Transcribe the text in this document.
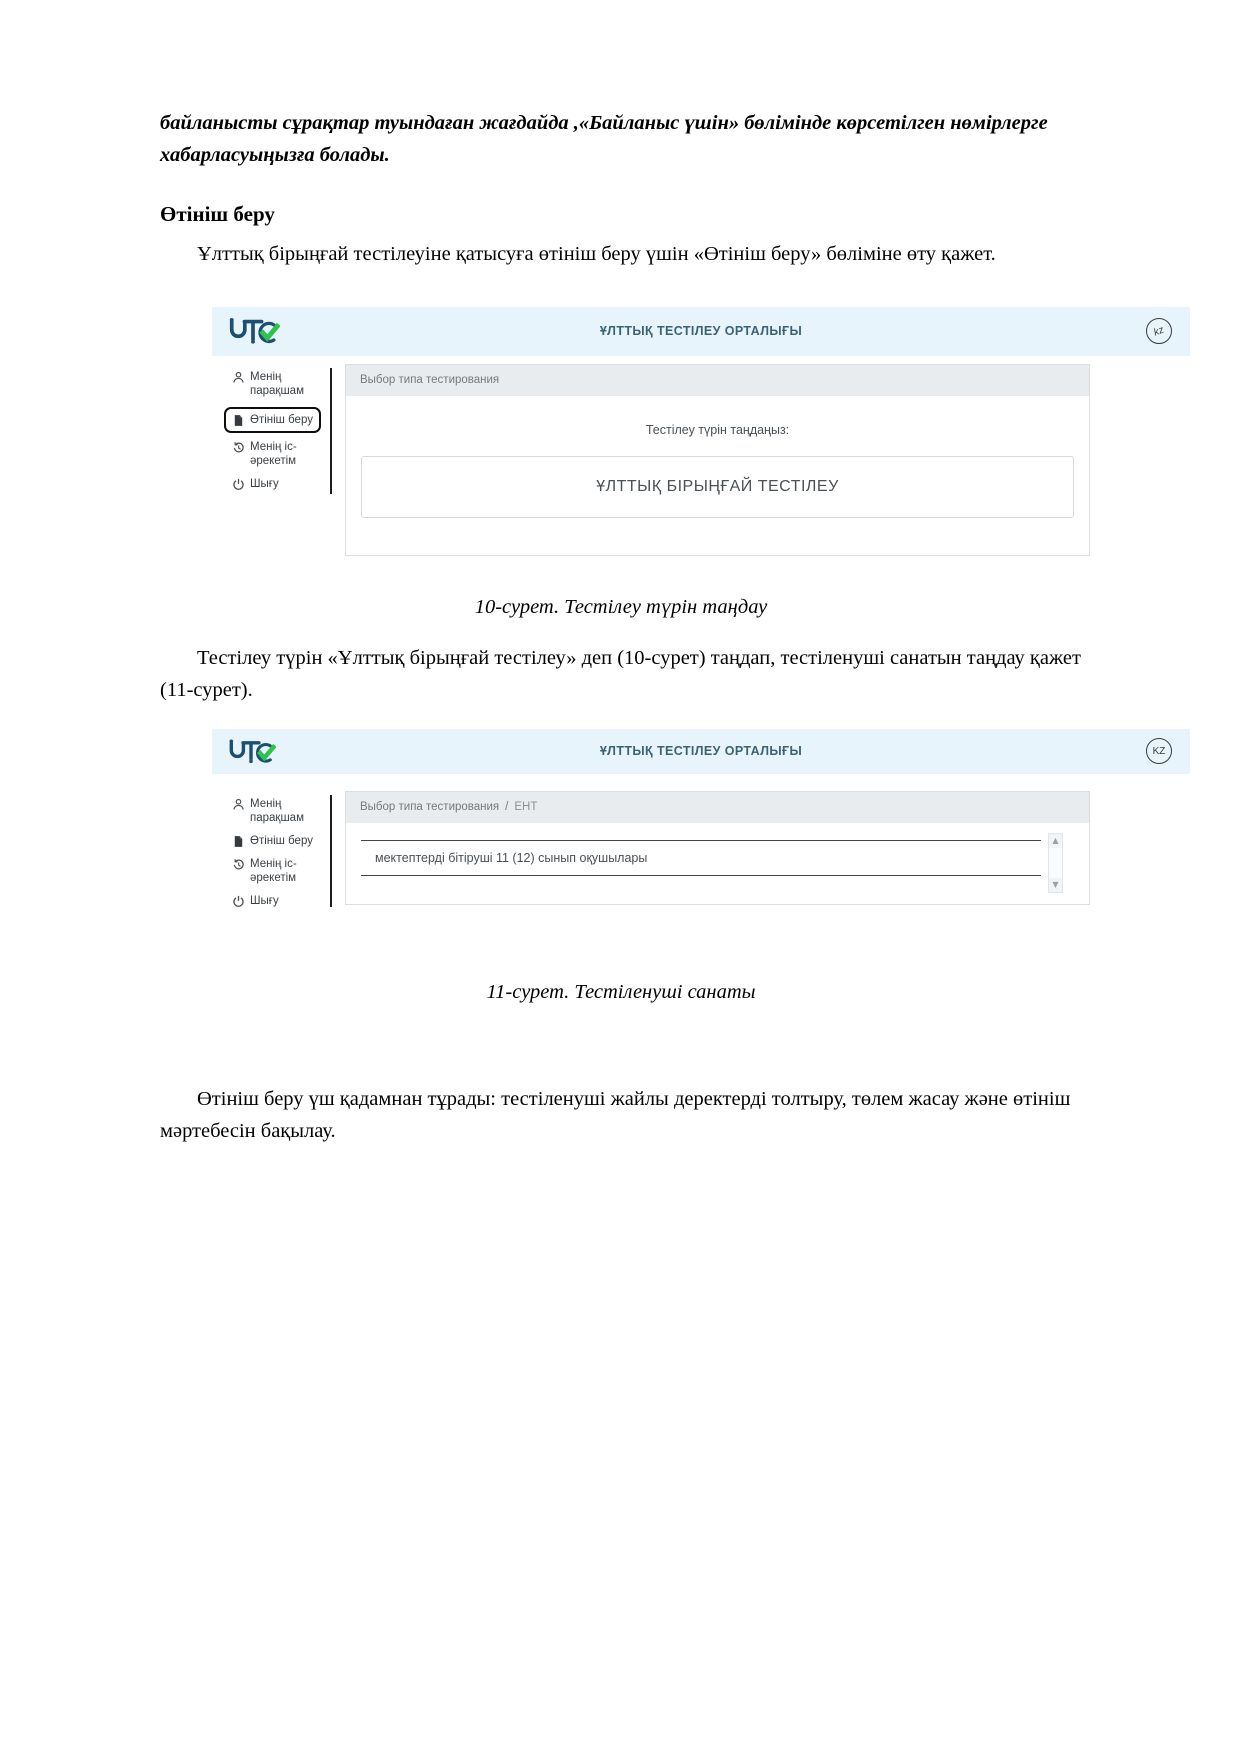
байланысты сұрақтар туындаған жағдайда ,«Байланыс үшін» бөлімінде көрсетілген нөмірлерге хабарласуыңызға болады.

Өтініш беру

Ұлттық бірыңғай тестілеуіне қатысуға өтініш беру үшін «Өтініш беру» бөліміне өту қажет.

ҰЛТТЫҚ ТЕСТІЛЕУ ОРТАЛЫҒЫ	kz
Менің парақшам
Өтініш беру
Менің іс-әрекетім
Шығу
Выбор типа тестирования
Тестілеу түрін таңдаңыз:
ҰЛТТЫҚ БІРЫҢҒАЙ ТЕСТІЛЕУ

10-сурет. Тестілеу түрін таңдау

Тестілеу түрін «Ұлттық бірыңғай тестілеу» деп (10-сурет) таңдап, тестіленуші санатын таңдау қажет (11-сурет).

ҰЛТТЫҚ ТЕСТІЛЕУ ОРТАЛЫҒЫ	KZ
Менің парақшам
Өтініш беру
Менің іс-әрекетім
Шығу
Выбор типа тестирования / ЕНТ
мектептерді бітіруші 11 (12) сынып оқушылары
▲
▼

11-сурет. Тестіленуші санаты

Өтініш беру үш қадамнан тұрады: тестіленуші жайлы деректерді толтыру, төлем жасау және өтініш мәртебесін бақылау.
